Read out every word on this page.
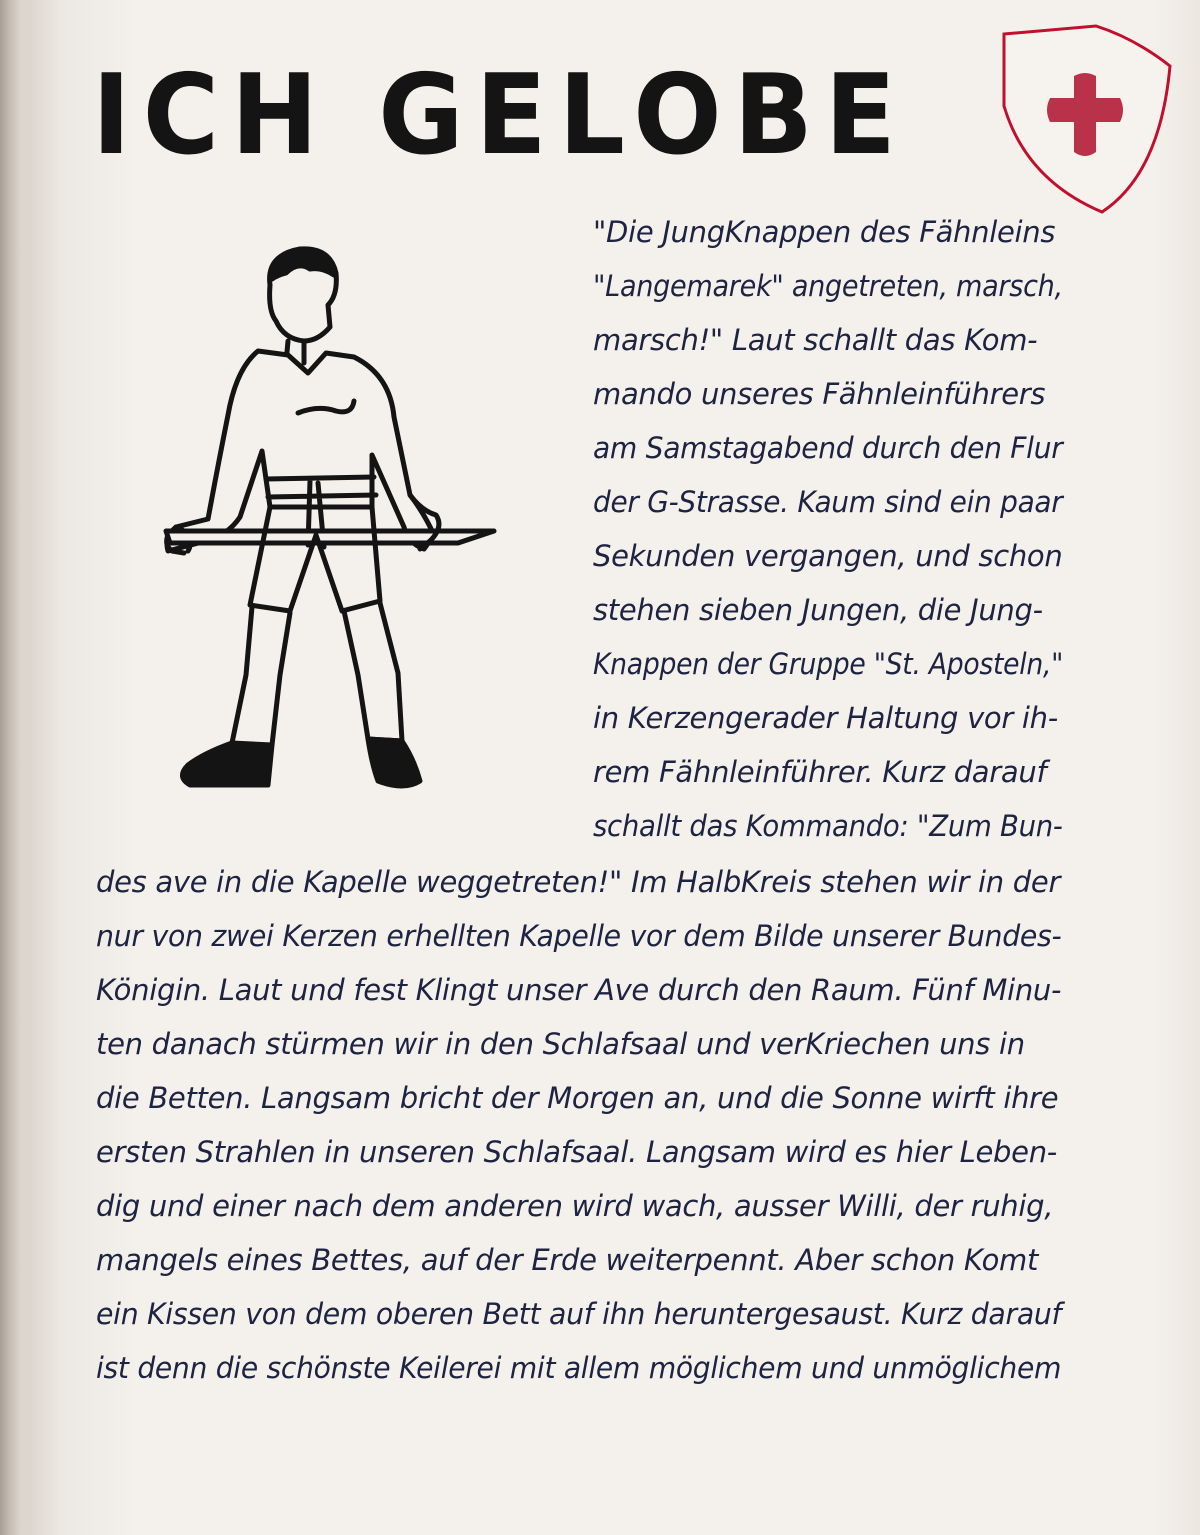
ICH GELOBE
"Die JungKnappen des Fähnleins
"Langemarek" angetreten, marsch,
marsch!" Laut schallt das Kom-
mando unseres Fähnleinführers
am Samstagabend durch den Flur
der G-Strasse. Kaum sind ein paar
Sekunden vergangen, und schon
stehen sieben Jungen, die Jung-
Knappen der Gruppe "St. Aposteln,"
in Kerzengerader Haltung vor ih-
rem Fähnleinführer. Kurz darauf
schallt das Kommando: "Zum Bun-
des ave in die Kapelle weggetreten!" Im HalbKreis stehen wir in der
nur von zwei Kerzen erhellten Kapelle vor dem Bilde unserer Bundes-
Königin. Laut und fest Klingt unser Ave durch den Raum. Fünf Minu-
ten danach stürmen wir in den Schlafsaal und verKriechen uns in
die Betten. Langsam bricht der Morgen an, und die Sonne wirft ihre
ersten Strahlen in unseren Schlafsaal. Langsam wird es hier Leben-
dig und einer nach dem anderen wird wach, ausser Willi, der ruhig,
mangels eines Bettes, auf der Erde weiterpennt. Aber schon Komt
ein Kissen von dem oberen Bett auf ihn heruntergesaust. Kurz darauf
ist denn die schönste Keilerei mit allem möglichem und unmöglichem
